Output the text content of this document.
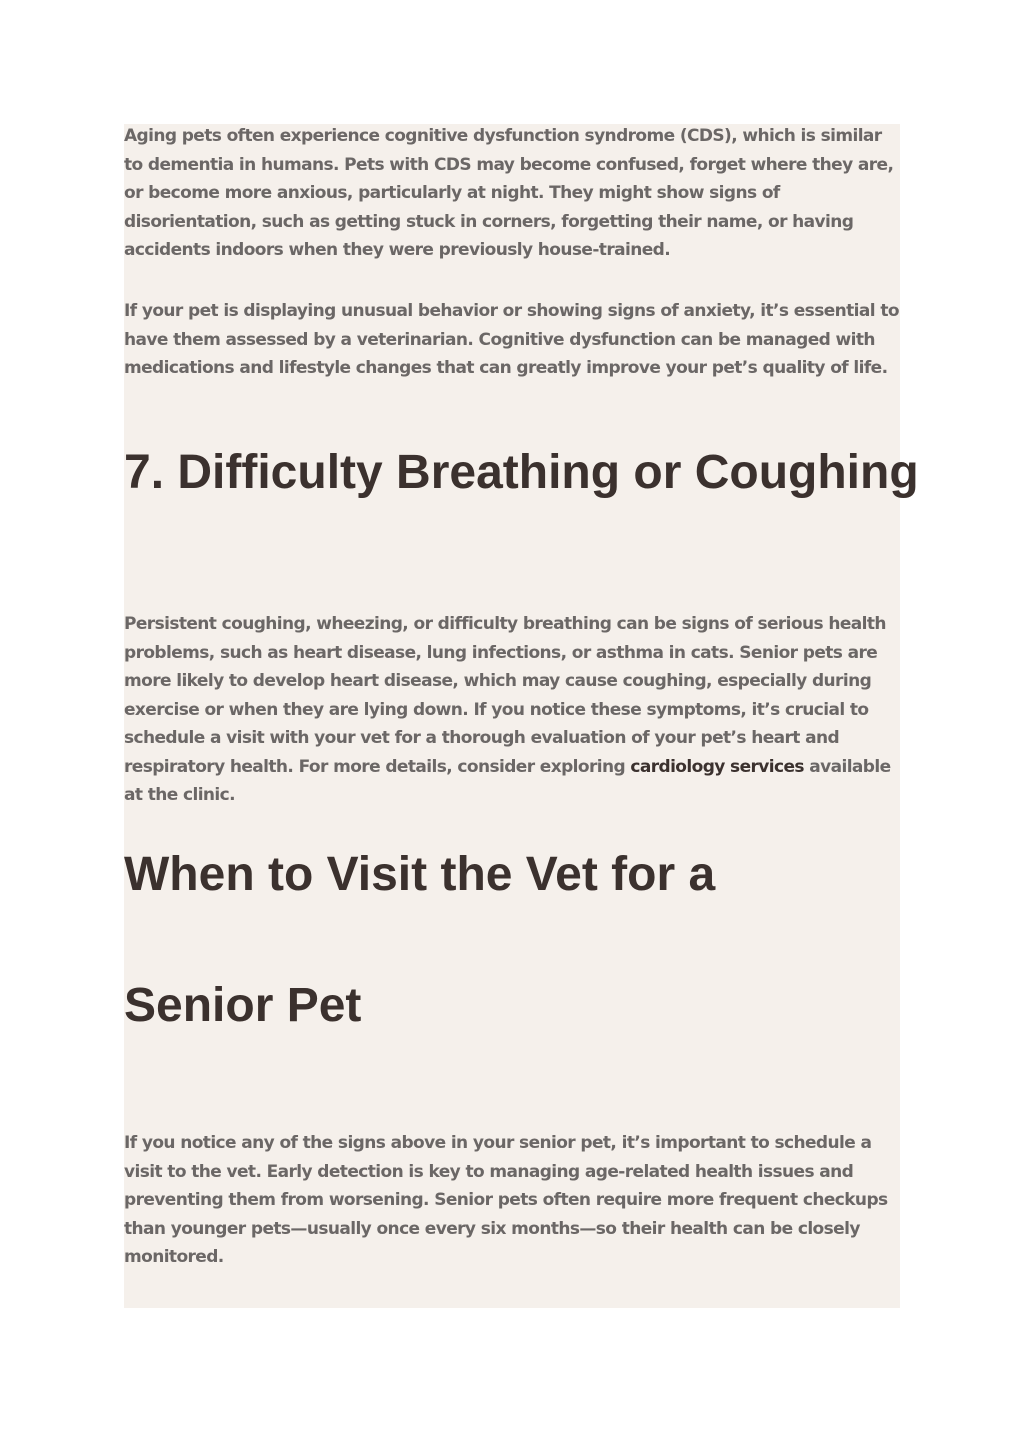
Aging pets often experience cognitive dysfunction syndrome (CDS), which is similar to dementia in humans. Pets with CDS may become confused, forget where they are, or become more anxious, particularly at night. They might show signs of disorientation, such as getting stuck in corners, forgetting their name, or having accidents indoors when they were previously house-trained.

If your pet is displaying unusual behavior or showing signs of anxiety, it’s essential to have them assessed by a veterinarian. Cognitive dysfunction can be managed with medications and lifestyle changes that can greatly improve your pet’s quality of life.

7. Difficulty Breathing or Coughing

Persistent coughing, wheezing, or difficulty breathing can be signs of serious health problems, such as heart disease, lung infections, or asthma in cats. Senior pets are more likely to develop heart disease, which may cause coughing, especially during exercise or when they are lying down. If you notice these symptoms, it’s crucial to schedule a visit with your vet for a thorough evaluation of your pet’s heart and respiratory health. For more details, consider exploring cardiology services available at the clinic.

When to Visit the Vet for a
Senior Pet

If you notice any of the signs above in your senior pet, it’s important to schedule a visit to the vet. Early detection is key to managing age-related health issues and preventing them from worsening. Senior pets often require more frequent checkups than younger pets—usually once every six months—so their health can be closely monitored.
